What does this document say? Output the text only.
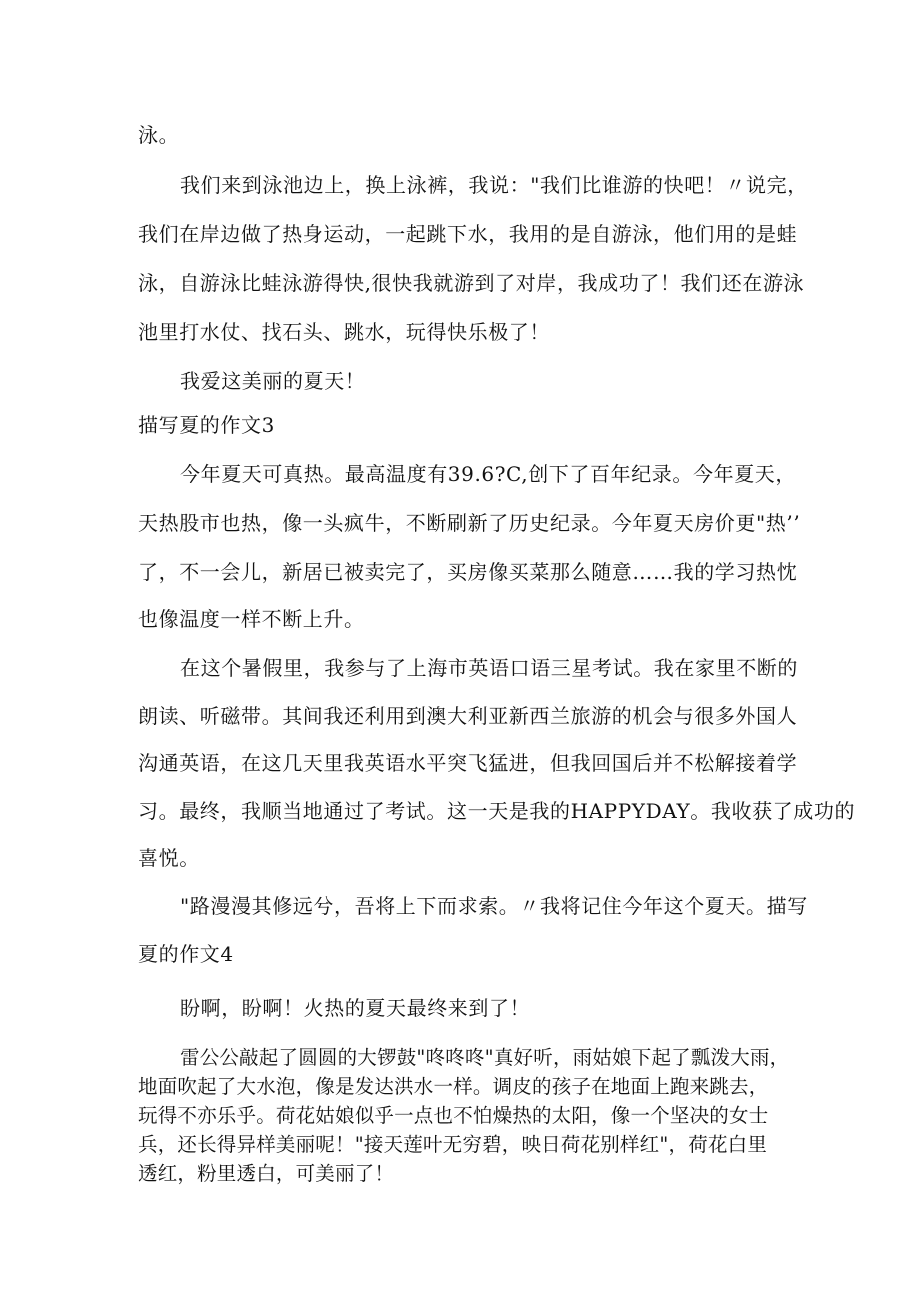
泳。

我们来到泳池边上，换上泳裤，我说："我们比谁游的快吧！〃说完，

我们在岸边做了热身运动，一起跳下水，我用的是自游泳，他们用的是蛙

泳，自游泳比蛙泳游得快,很快我就游到了对岸，我成功了！我们还在游泳

池里打水仗、找石头、跳水，玩得快乐极了！

我爱这美丽的夏天！

描写夏的作文3

今年夏天可真热。最高温度有39.6?C,创下了百年纪录。今年夏天，

天热股市也热，像一头疯牛，不断刷新了历史纪录。今年夏天房价更"热’’

了，不一会儿，新居已被卖完了，买房像买菜那么随意……我的学习热忱

也像温度一样不断上升。

在这个暑假里，我参与了上海市英语口语三星考试。我在家里不断的

朗读、听磁带。其间我还利用到澳大利亚新西兰旅游的机会与很多外国人

沟通英语，在这几天里我英语水平突飞猛进，但我回国后并不松解接着学

习。最终，我顺当地通过了考试。这一天是我的HAPPYDAY。我收获了成功的

喜悦。

"路漫漫其修远兮，吾将上下而求索。〃我将记住今年这个夏天。描写

夏的作文4

盼啊，盼啊！火热的夏天最终来到了！

雷公公敲起了圆圆的大锣鼓"咚咚咚"真好听，雨姑娘下起了瓢泼大雨，

地面吹起了大水泡，像是发达洪水一样。调皮的孩子在地面上跑来跳去，

玩得不亦乐乎。荷花姑娘似乎一点也不怕燥热的太阳，像一个坚决的女士

兵，还长得异样美丽呢！"接天莲叶无穷碧，映日荷花别样红"，荷花白里

透红，粉里透白，可美丽了！
